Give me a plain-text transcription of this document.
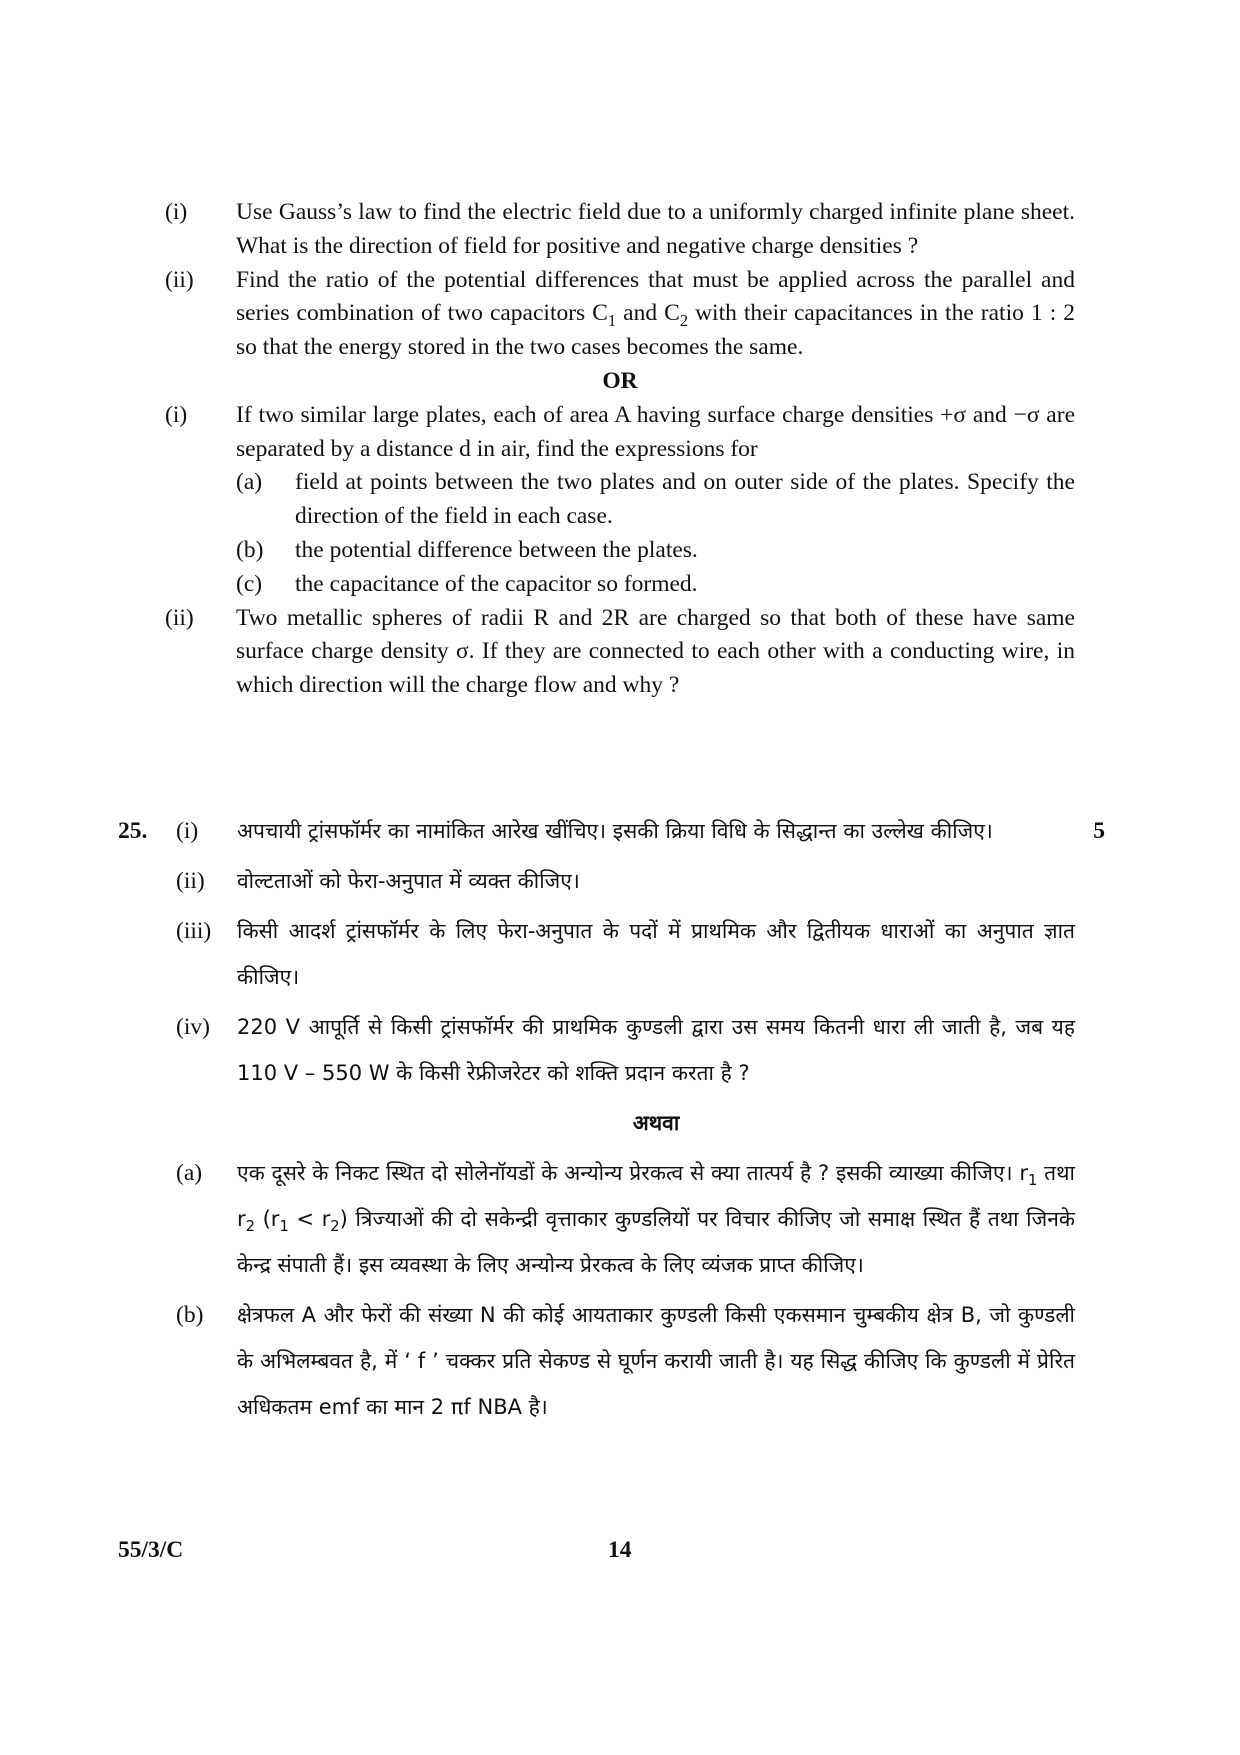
(i) Use Gauss’s law to find the electric field due to a uniformly charged infinite plane sheet. What is the direction of field for positive and negative charge densities ?
(ii) Find the ratio of the potential differences that must be applied across the parallel and series combination of two capacitors $C_1$ and $C_2$ with their capacitances in the ratio 1 : 2 so that the energy stored in the two cases becomes the same.
OR
(i) If two similar large plates, each of area A having surface charge densities +σ and −σ are separated by a distance d in air, find the expressions for
(a) field at points between the two plates and on outer side of the plates. Specify the direction of the field in each case.
(b) the potential difference between the plates.
(c) the capacitance of the capacitor so formed.
(ii) Two metallic spheres of radii R and 2R are charged so that both of these have same surface charge density σ. If they are connected to each other with a conducting wire, in which direction will the charge flow and why ?
25. (i) अपचायी ट्रांसफॉर्मर का नामांकित आरेख खींचिए। इसकी क्रिया विधि के सिद्धान्त का उल्लेख कीजिए।	5
(ii) वोल्टताओं को फेरा-अनुपात में व्यक्त कीजिए।
(iii) किसी आदर्श ट्रांसफॉर्मर के लिए फेरा-अनुपात के पदों में प्राथमिक और द्वितीयक धाराओं का अनुपात ज्ञात कीजिए।
(iv) 220 V आपूर्ति से किसी ट्रांसफॉर्मर की प्राथमिक कुण्डली द्वारा उस समय कितनी धारा ली जाती है, जब यह 110 V – 550 W के किसी रेफ्रीजरेटर को शक्ति प्रदान करता है ?
अथवा
(a) एक दूसरे के निकट स्थित दो सोलेनॉयडों के अन्योन्य प्रेरकत्व से क्या तात्पर्य है ? इसकी व्याख्या कीजिए। $r_1$ तथा $r_2$ $(r_1 < r_2)$ त्रिज्याओं की दो सकेन्द्री वृत्ताकार कुण्डलियों पर विचार कीजिए जो समाक्ष स्थित हैं तथा जिनके केन्द्र संपाती हैं। इस व्यवस्था के लिए अन्योन्य प्रेरकत्व के लिए व्यंजक प्राप्त कीजिए।
(b) क्षेत्रफल A और फेरों की संख्या N की कोई आयताकार कुण्डली किसी एकसमान चुम्बकीय क्षेत्र B, जो कुण्डली के अभिलम्बवत है, में ‘ f ’ चक्कर प्रति सेकण्ड से घूर्णन करायी जाती है। यह सिद्ध कीजिए कि कुण्डली में प्रेरित अधिकतम emf का मान 2 πf NBA है।
55/3/C	14
